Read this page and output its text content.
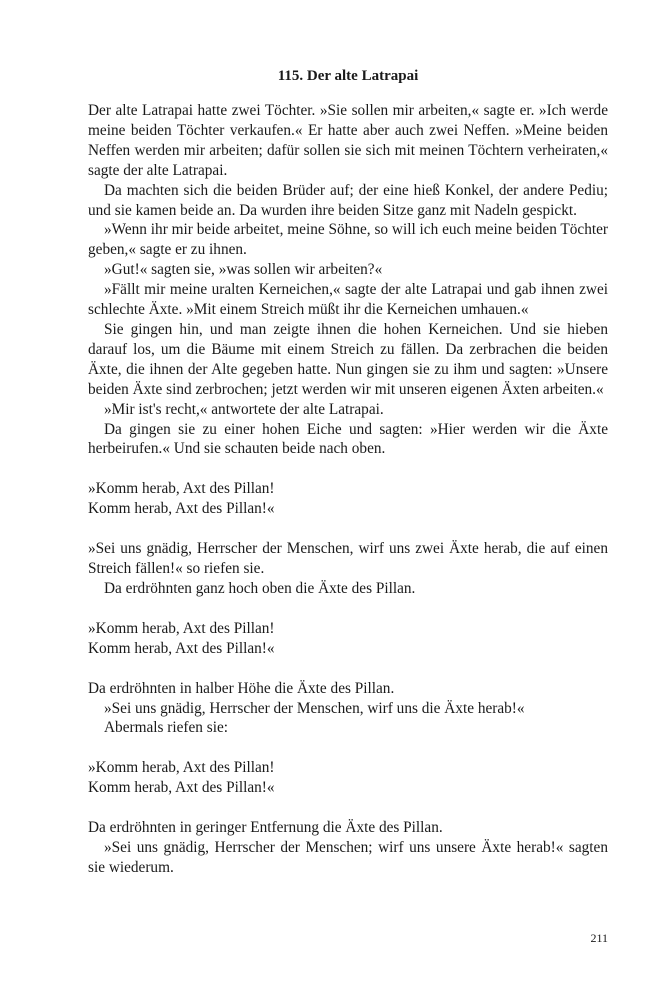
115. Der alte Latrapai

Der alte Latrapai hatte zwei Töchter. »Sie sollen mir arbeiten,« sagte er. »Ich werde meine beiden Töchter verkaufen.« Er hatte aber auch zwei Neffen. »Meine beiden Neffen werden mir arbeiten; dafür sollen sie sich mit meinen Töchtern verheiraten,« sagte der alte Latrapai.

Da machten sich die beiden Brüder auf; der eine hieß Konkel, der andere Pediu; und sie kamen beide an. Da wurden ihre beiden Sitze ganz mit Nadeln gespickt.

»Wenn ihr mir beide arbeitet, meine Söhne, so will ich euch meine beiden Töchter geben,« sagte er zu ihnen.

»Gut!« sagten sie, »was sollen wir arbeiten?«

»Fällt mir meine uralten Kerneichen,« sagte der alte Latrapai und gab ihnen zwei schlechte Äxte. »Mit einem Streich müßt ihr die Kerneichen umhauen.«

Sie gingen hin, und man zeigte ihnen die hohen Kerneichen. Und sie hieben darauf los, um die Bäume mit einem Streich zu fällen. Da zerbrachen die beiden Äxte, die ihnen der Alte gegeben hatte. Nun gingen sie zu ihm und sagten: »Unsere beiden Äxte sind zerbrochen; jetzt werden wir mit unseren eigenen Äxten arbeiten.«

»Mir ist's recht,« antwortete der alte Latrapai.

Da gingen sie zu einer hohen Eiche und sagten: »Hier werden wir die Äxte herbeirufen.« Und sie schauten beide nach oben.

»Komm herab, Axt des Pillan!
Komm herab, Axt des Pillan!«

»Sei uns gnädig, Herrscher der Menschen, wirf uns zwei Äxte herab, die auf einen Streich fällen!« so riefen sie.

Da erdröhnten ganz hoch oben die Äxte des Pillan.

»Komm herab, Axt des Pillan!
Komm herab, Axt des Pillan!«

Da erdröhnten in halber Höhe die Äxte des Pillan.

»Sei uns gnädig, Herrscher der Menschen, wirf uns die Äxte herab!«

Abermals riefen sie:

»Komm herab, Axt des Pillan!
Komm herab, Axt des Pillan!«

Da erdröhnten in geringer Entfernung die Äxte des Pillan.

»Sei uns gnädig, Herrscher der Menschen; wirf uns unsere Äxte herab!« sagten sie wiederum.

211
